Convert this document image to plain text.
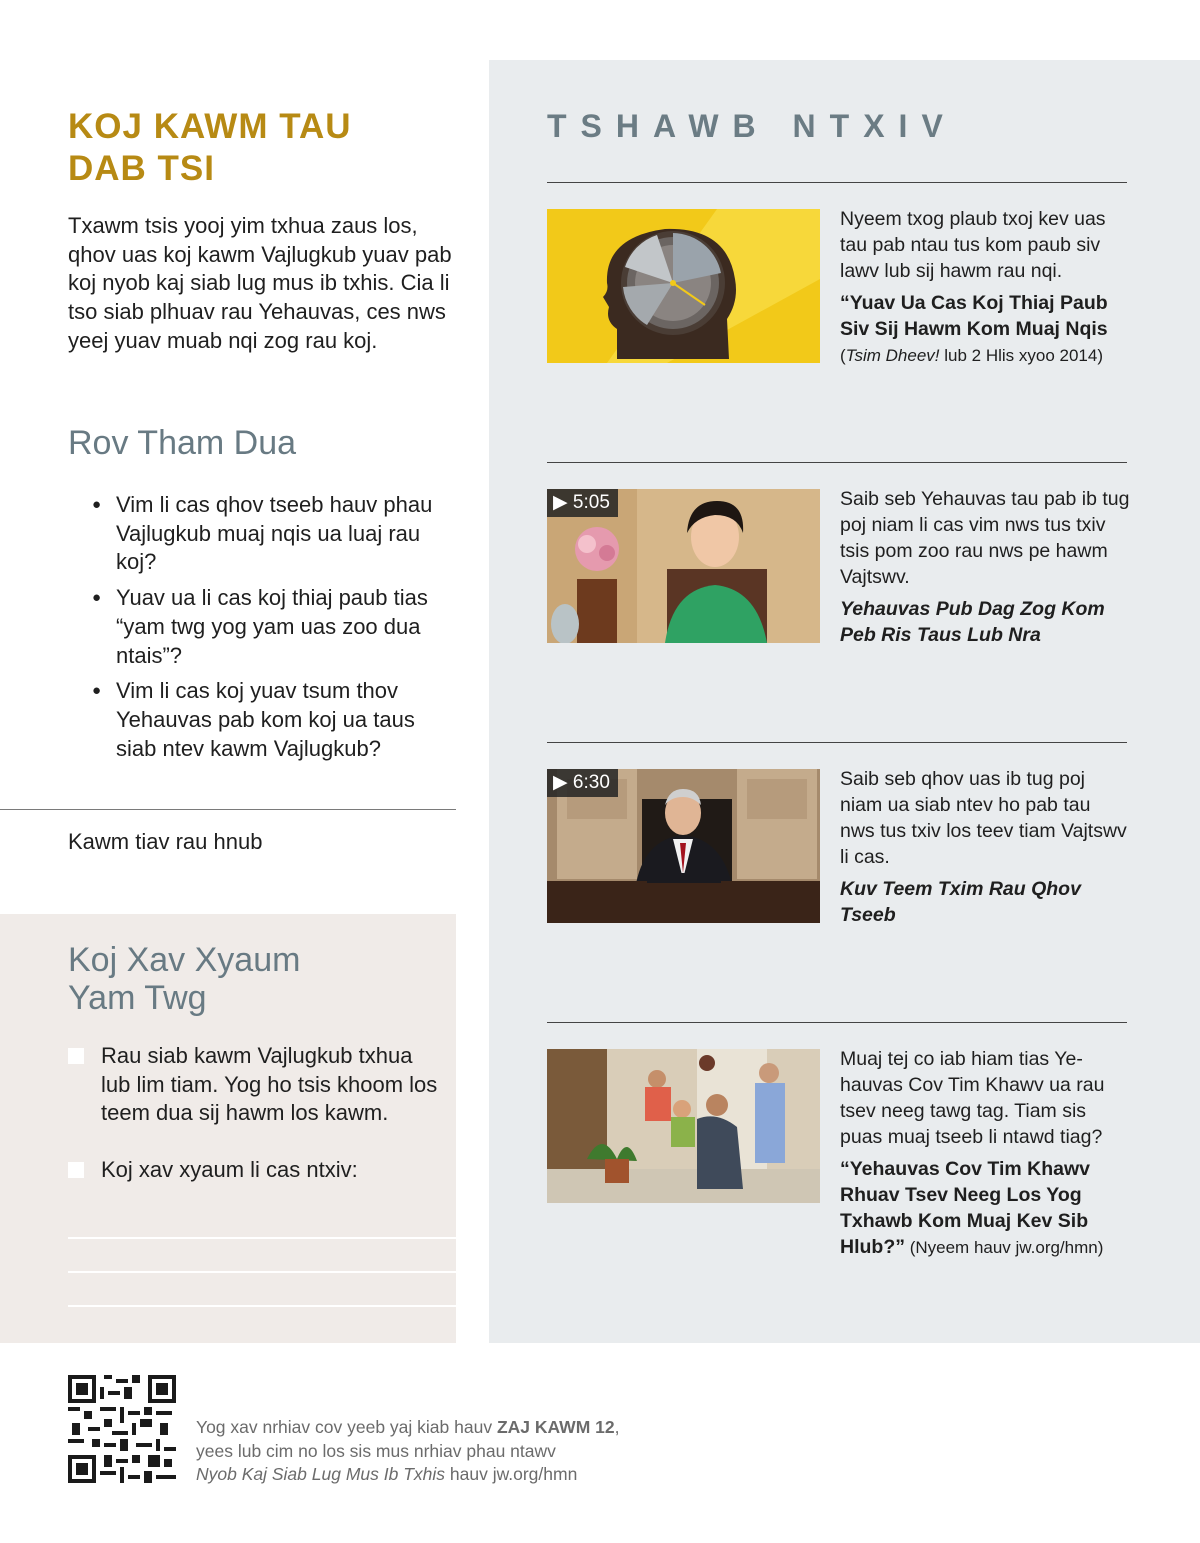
KOJ KAWM TAU
DAB TSI

Txawm tsis yooj yim txhua zaus los, qhov uas koj kawm Vajlugkub yuav pab koj nyob kaj siab lug mus ib txhis. Cia li tso siab plhuav rau Yehauvas, ces nws yeej yuav muab nqi zog rau koj.

Rov Tham Dua
● Vim li cas qhov tseeb hauv phau Vajlugkub muaj nqis ua luaj rau koj?
● Yuav ua li cas koj thiaj paub tias “yam twg yog yam uas zoo dua ntais”?
● Vim li cas koj yuav tsum thov Yehauvas pab kom koj ua taus siab ntev kawm Vajlugkub?
Kawm tiav rau hnub
Koj Xav Xyaum
Yam Twg
Rau siab kawm Vajlugkub txhua lub lim tiam. Yog ho tsis khoom los teem dua sij hawm los kawm.
Koj xav xyaum li cas ntxiv:
TSHAWB NTXIV

Nyeem txog plaub txoj kev uas tau pab ntau tus kom paub siv lawv lub sij hawm rau nqi.

“Yuav Ua Cas Koj Thiaj Paub Siv Sij Hawm Kom Muaj Nqis
(Tsim Dheev! lub 2 Hlis xyoo 2014)

▶ 5:05	Saib seb Yehauvas tau pab ib tug poj niam li cas vim nws tus txiv tsis pom zoo rau nws pe hawm Vajtswv.

Yehauvas Pub Dag Zog Kom Peb Ris Taus Lub Nra

▶ 6:30	Saib seb qhov uas ib tug poj niam ua siab ntev ho pab tau nws tus txiv los teev tiam Vajtswv li cas.

Kuv Teem Txim Rau Qhov Tseeb

Muaj tej co iab hiam tias Yehauvas Cov Tim Khawv ua rau tsev neeg tawg tag. Tiam sis puas muaj tseeb li ntawd tiag?

“Yehauvas Cov Tim Khawv Rhuav Tsev Neeg Los Yog Txhawb Kom Muaj Kev Sib Hlub?” (Nyeem hauv jw.org/hmn)

Yog xav nrhiav cov yeeb yaj kiab hauv ZAJ KAWM 12,
yees lub cim no los sis mus nrhiav phau ntawv
Nyob Kaj Siab Lug Mus Ib Txhis hauv jw.org/hmn
